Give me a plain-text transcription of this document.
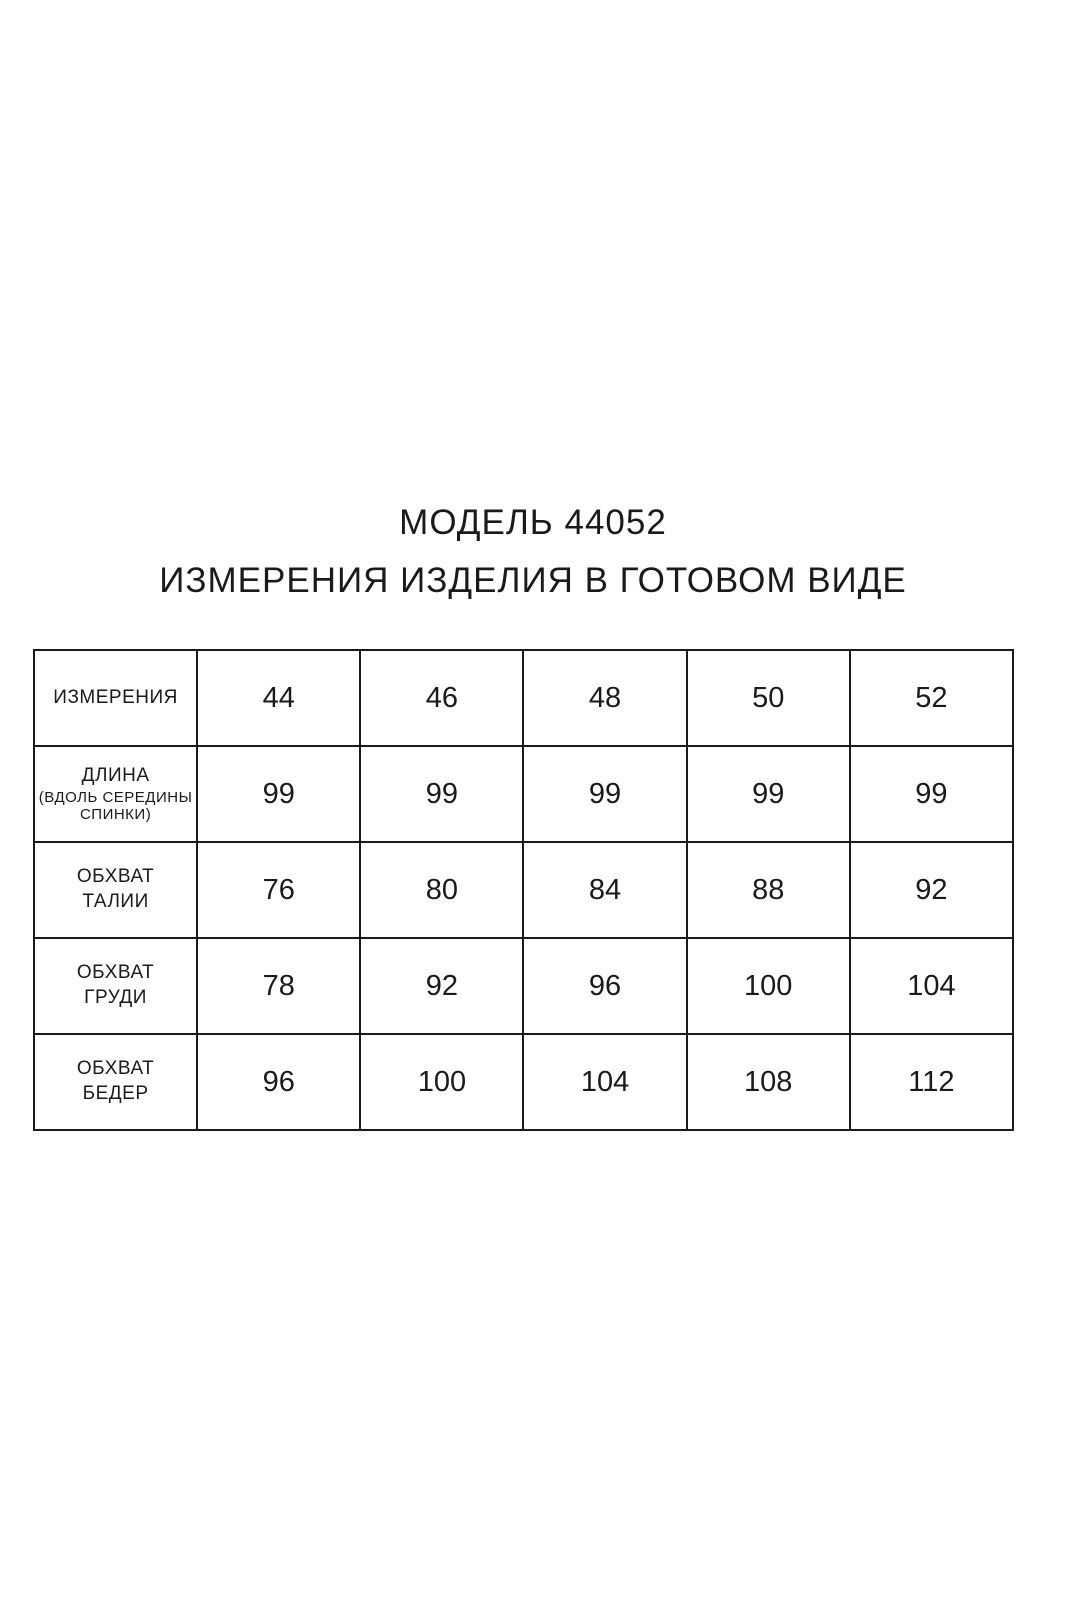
МОДЕЛЬ 44052
ИЗМЕРЕНИЯ ИЗДЕЛИЯ В ГОТОВОМ ВИДЕ
ИЗМЕРЕНИЯ	44	46	48	50	52
ДЛИНА
(ВДОЛЬ СЕРЕДИНЫ
СПИНКИ)	99	99	99	99	99
ОБХВАТ
ТАЛИИ	76	80	84	88	92
ОБХВАТ
ГРУДИ	78	92	96	100	104
ОБХВАТ
БЕДЕР	96	100	104	108	112
